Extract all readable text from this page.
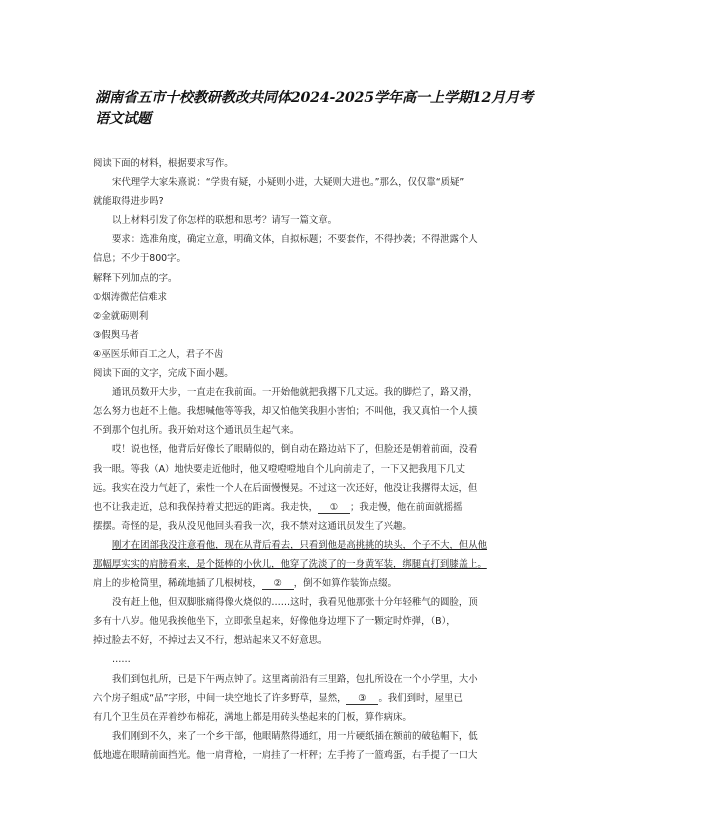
湖南省五市十校教研教改共同体2024-2025学年高一上学期12月月考
语文试题
阅读下面的材料，根据要求写作。
宋代理学大家朱熹说：“学贵有疑，小疑则小进，大疑则大进也。”那么，仅仅靠“质疑”
就能取得进步吗?
以上材料引发了你怎样的联想和思考？请写一篇文章。
要求：选准角度，确定立意，明确文体，自拟标题；不要套作，不得抄袭；不得泄露个人
信息；不少于800字。
解释下列加点的字。
①烟涛微茫信难求
②金就砺则利
③假舆马者
④巫医乐师百工之人，君子不齿
阅读下面的文字，完成下面小题。
通讯员数开大步，一直走在我前面。一开始他就把我撂下几丈远。我的脚烂了，路又滑，
怎么努力也赶不上他。我想喊他等等我，却又怕他笑我胆小害怕；不叫他，我又真怕一个人摸
不到那个包扎所。我开始对这个通讯员生起气来。
哎！说也怪，他背后好像长了眼睛似的，倒自动在路边站下了，但脸还是朝着前面，没看
我一眼。等我（A）地快要走近他时，他又噔噔噔地自个儿向前走了，一下又把我甩下几丈
远。我实在没力气赶了，索性一个人在后面慢慢晃。不过这一次还好，他没让我撂得太远，但
也不让我走近，总和我保持着丈把远的距离。我走快， ① ；我走慢，他在前面就摇摇
摆摆。奇怪的是，我从没见他回头看我一次，我不禁对这通讯员发生了兴趣。
刚才在团部我没注意看他，现在从背后看去，只看到他是高挑挑的块头，个子不大，但从他
那幅厚实实的肩膀看来，是个挺棒的小伙儿，他穿了洗淡了的一身黄军装，绑腿直打到膝盖上。
肩上的步枪筒里，稀疏地插了几根树枝， ② ，倒不如算作装饰点缀。
没有赶上他，但双脚胀痛得像火烧似的……这时，我看见他那张十分年轻稚气的圆脸，顶
多有十八岁。他见我挨他坐下，立即张皇起来，好像他身边埋下了一颗定时炸弹，（B），
掉过脸去不好，不掉过去又不行，想站起来又不好意思。
……
我们到包扎所，已是下午两点钟了。这里离前沿有三里路，包扎所设在一个小学里，大小
六个房子组成“品”字形，中间一块空地长了许多野草，显然， ③ 。我们到时，屋里已
有几个卫生员在弄着纱布棉花，满地上都是用砖头垫起来的门板，算作病床。
我们刚到不久，来了一个乡干部，他眼睛熬得通红，用一片硬纸插在额前的破毡帽下，低
低地遮在眼睛前面挡光。他一肩背枪，一肩挂了一杆秤；左手挎了一篮鸡蛋，右手提了一口大
